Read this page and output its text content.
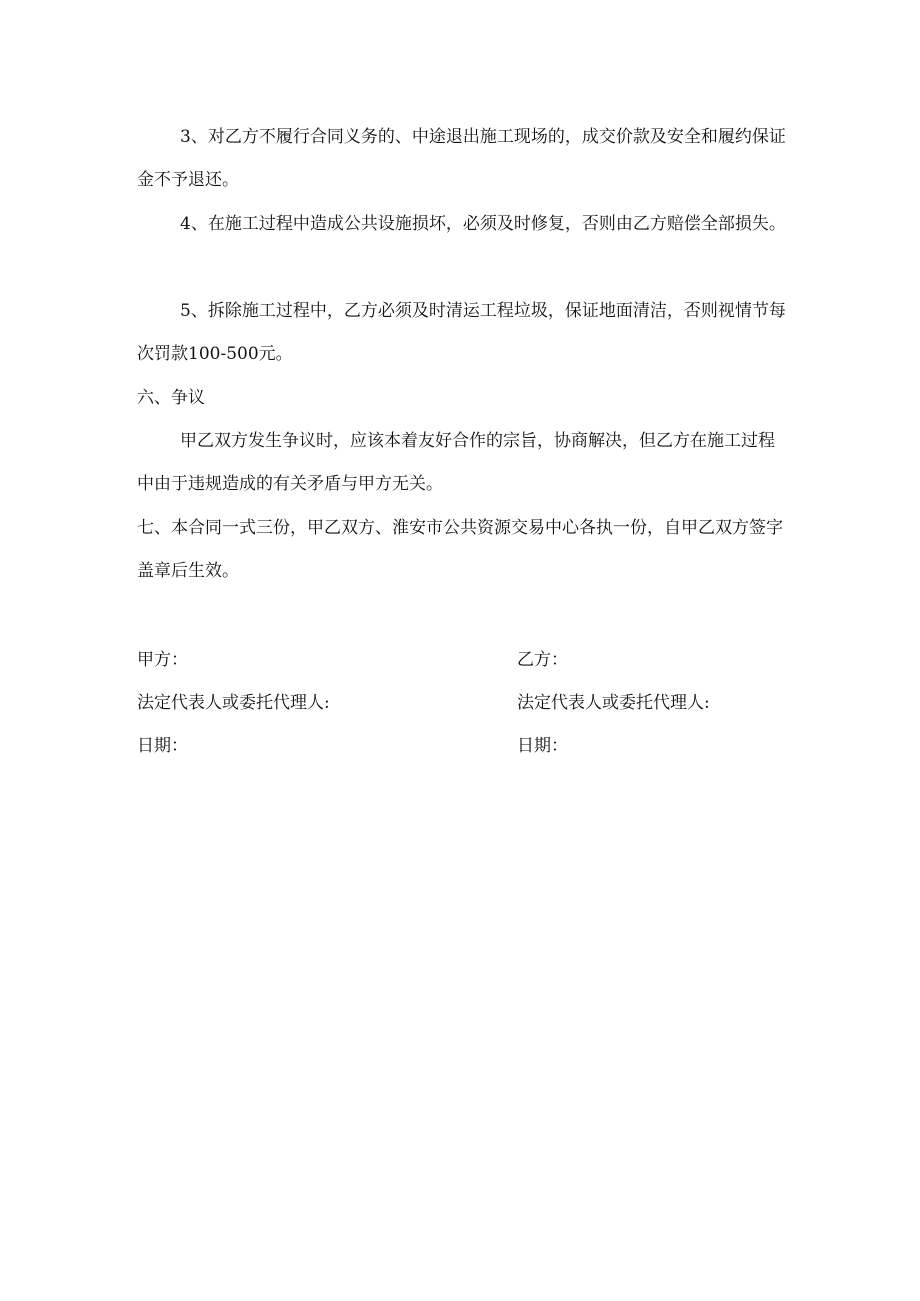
3、对乙方不履行合同义务的、中途退出施工现场的，成交价款及安全和履约保证金不予退还。
4、在施工过程中造成公共设施损坏，必须及时修复，否则由乙方赔偿全部损失。
5、拆除施工过程中，乙方必须及时清运工程垃圾，保证地面清洁，否则视情节每次罚款100-500元。
六、争议
甲乙双方发生争议时，应该本着友好合作的宗旨，协商解决，但乙方在施工过程中由于违规造成的有关矛盾与甲方无关。
七、本合同一式三份，甲乙双方、淮安市公共资源交易中心各执一份，自甲乙双方签字盖章后生效。
甲方：
法定代表人或委托代理人:
日期：
乙方：
法定代表人或委托代理人:
日期：
